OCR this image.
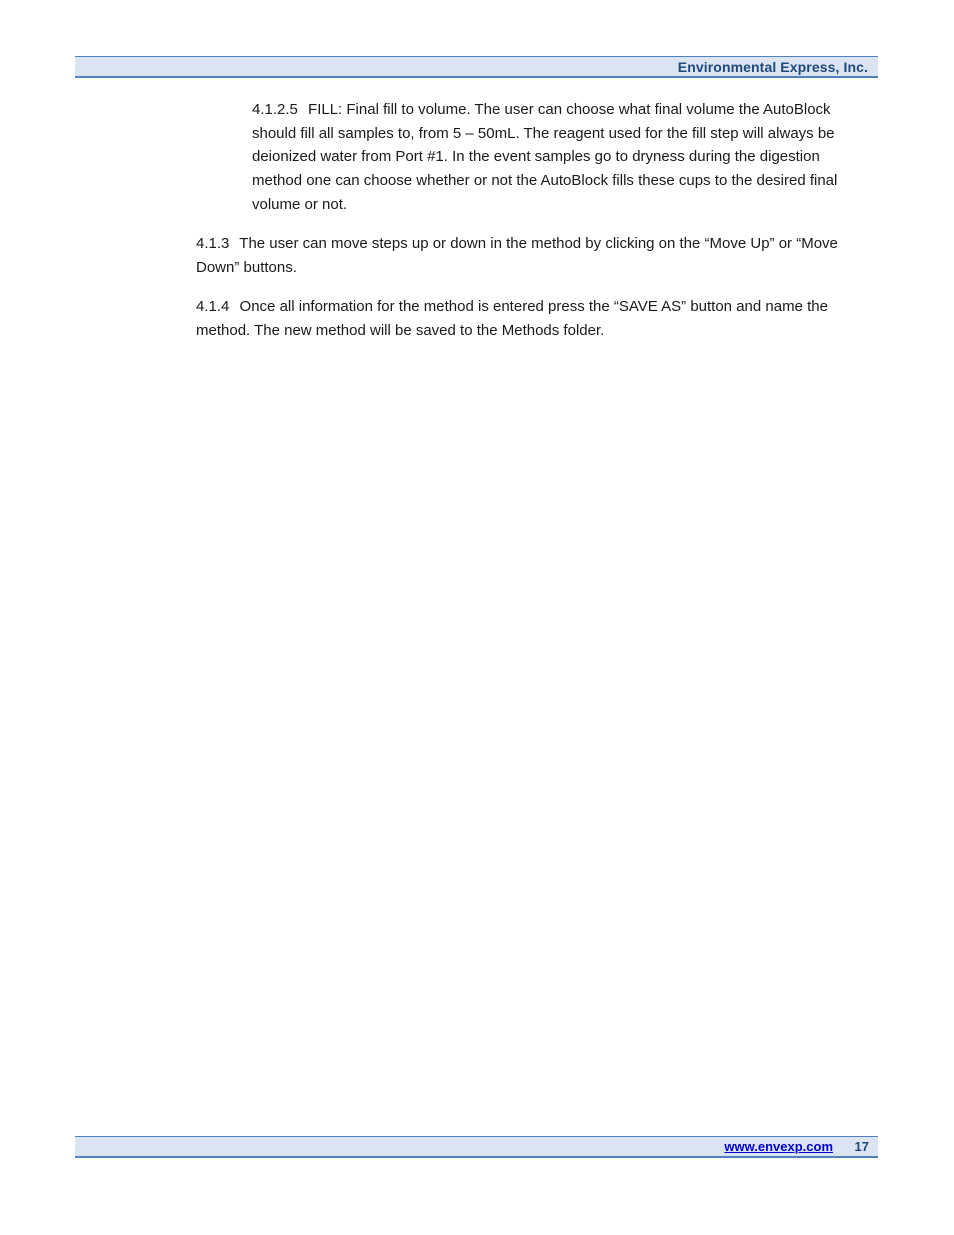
Environmental Express, Inc.
4.1.2.5 FILL: Final fill to volume. The user can choose what final volume the AutoBlock should fill all samples to, from 5 – 50mL. The reagent used for the fill step will always be deionized water from Port #1. In the event samples go to dryness during the digestion method one can choose whether or not the AutoBlock fills these cups to the desired final volume or not.
4.1.3 The user can move steps up or down in the method by clicking on the “Move Up” or “Move Down” buttons.
4.1.4 Once all information for the method is entered press the “SAVE AS” button and name the method. The new method will be saved to the Methods folder.
www.envexp.com 17
